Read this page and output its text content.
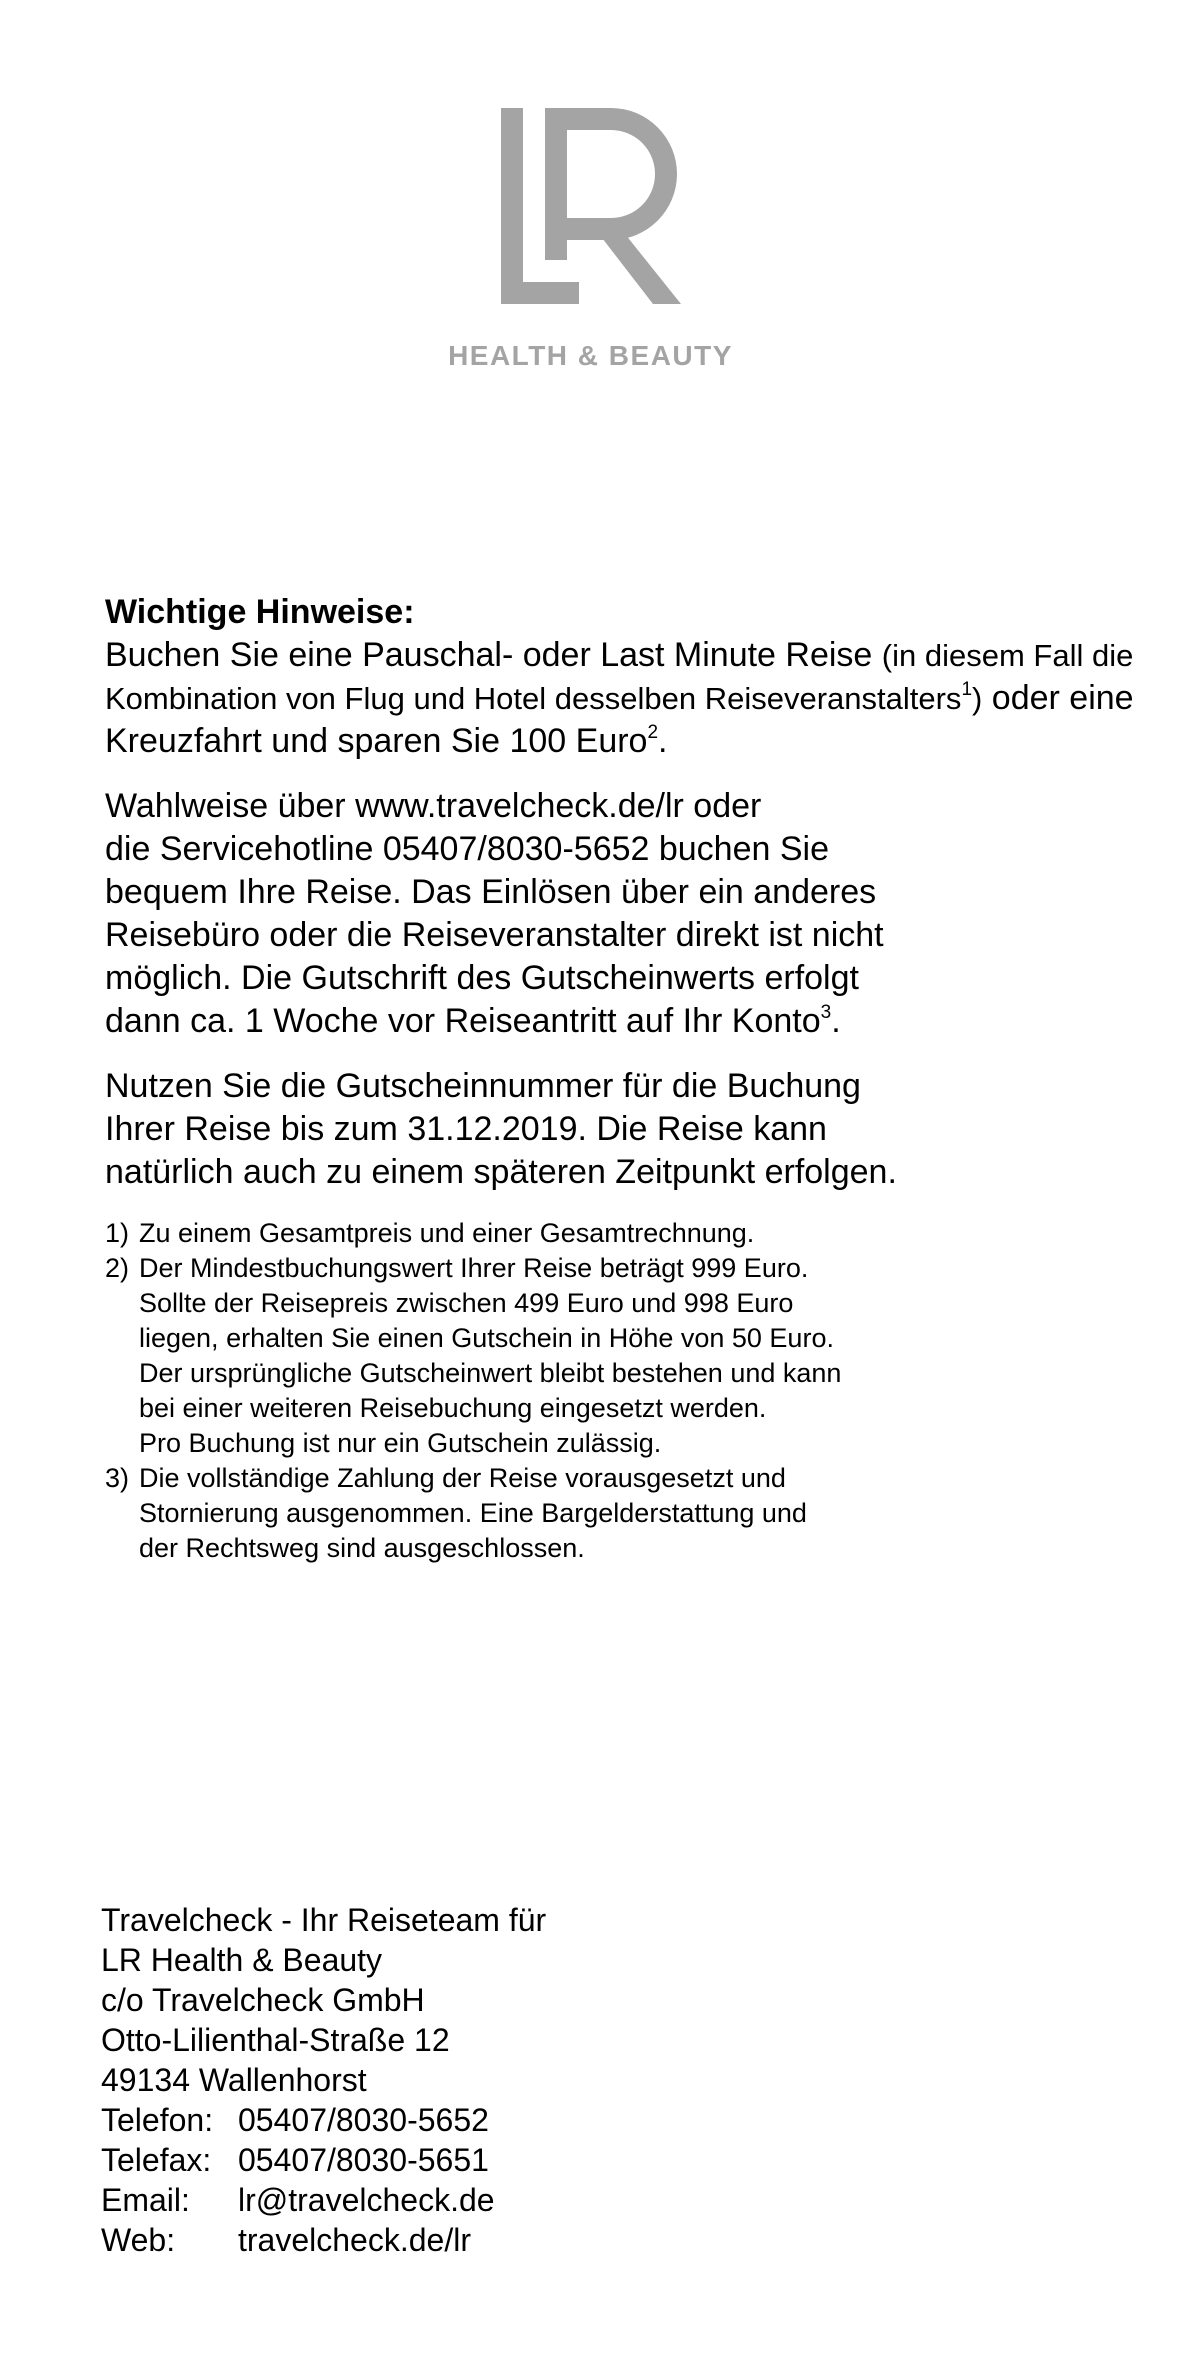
HEALTH & BEAUTY
Wichtige Hinweise:

Buchen Sie eine Pauschal- oder Last Minute Reise (in diesem Fall die Kombination von Flug und Hotel desselben Reiseveranstalters$^1$) oder eine Kreuzfahrt und sparen Sie 100 Euro$^2$.

Wahlweise über www.travelcheck.de/lr oder
die Servicehotline 05407/8030-5652 buchen Sie
bequem Ihre Reise. Das Einlösen über ein anderes
Reisebüro oder die Reiseveranstalter direkt ist nicht
möglich. Die Gutschrift des Gutscheinwerts erfolgt
dann ca. 1 Woche vor Reiseantritt auf Ihr Konto$^3$.

Nutzen Sie die Gutscheinnummer für die Buchung
Ihrer Reise bis zum 31.12.2019. Die Reise kann
natürlich auch zu einem späteren Zeitpunkt erfolgen.

1) Zu einem Gesamtpreis und einer Gesamtrechnung.
2) Der Mindestbuchungswert Ihrer Reise beträgt 999 Euro.
Sollte der Reisepreis zwischen 499 Euro und 998 Euro
liegen, erhalten Sie einen Gutschein in Höhe von 50 Euro.
Der ursprüngliche Gutscheinwert bleibt bestehen und kann
bei einer weiteren Reisebuchung eingesetzt werden.
Pro Buchung ist nur ein Gutschein zulässig.
3) Die vollständige Zahlung der Reise vorausgesetzt und
Stornierung ausgenommen. Eine Bargelderstattung und
der Rechtsweg sind ausgeschlossen.
Travelcheck - Ihr Reiseteam für
LR Health & Beauty
c/o Travelcheck GmbH
Otto-Lilienthal-Straße 12
49134 Wallenhorst
Telefon: 05407/8030-5652
Telefax: 05407/8030-5651
Email:	lr@travelcheck.de
Web:	travelcheck.de/lr
